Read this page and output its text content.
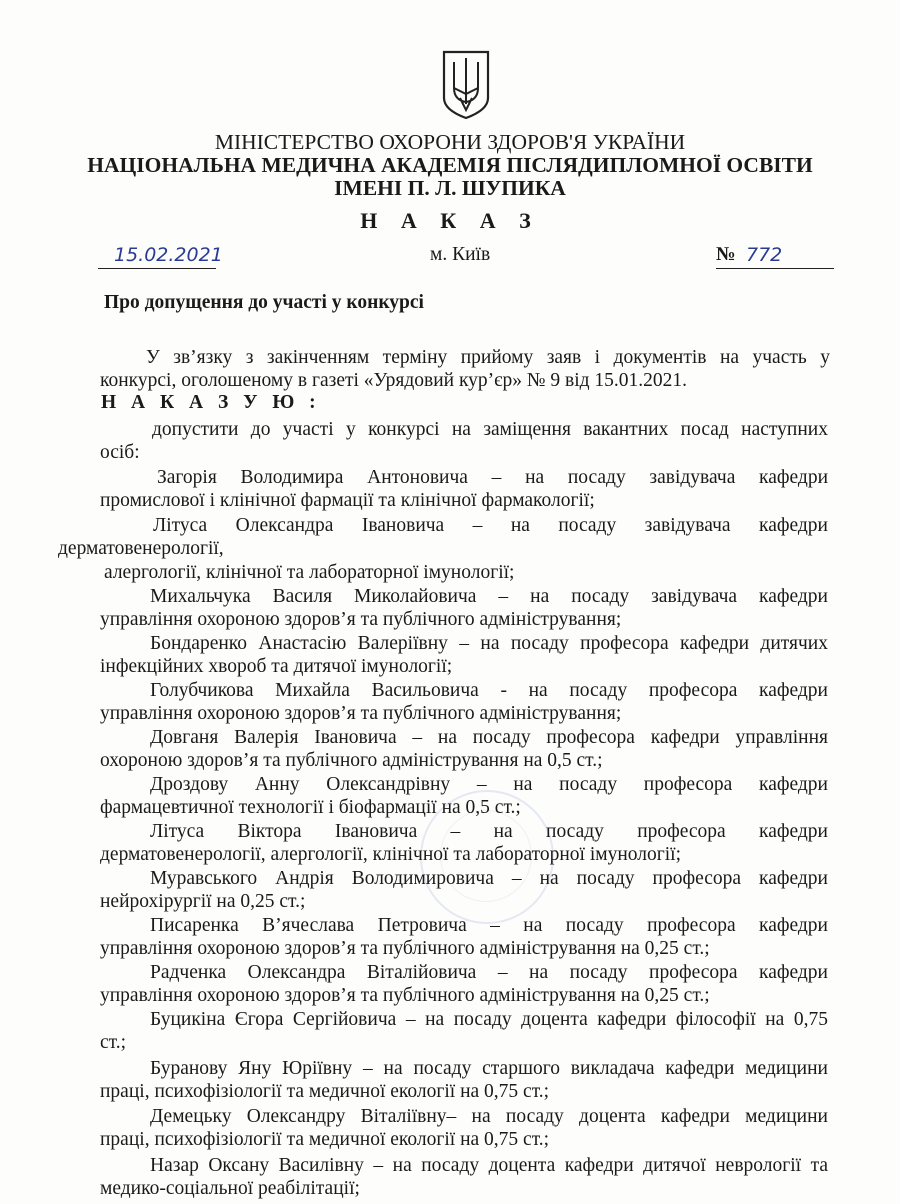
МІНІСТЕРСТВО ОХОРОНИ ЗДОРОВ'Я УКРАЇНИ
НАЦІОНАЛЬНА МЕДИЧНА АКАДЕМІЯ ПІСЛЯДИПЛОМНОЇ ОСВІТИ
ІМЕНІ П. Л. ШУПИКА
Н А К А З
15.02.2021	м. Київ	№ 772
Про допущення до участі у конкурсі
У зв’язку з закінченням терміну прийому заяв і документів на участь у
конкурсі, оголошеному в газеті «Урядовий кур’єр» № 9 від 15.01.2021.
Н А К А З У Ю :
допустити до участі у конкурсі на заміщення вакантних посад наступних
осіб:
Загорія Володимира Антоновича – на посаду завідувача кафедри
промислової і клінічної фармації та клінічної фармакології;
Літуса Олександра Івановича – на посаду завідувача кафедри
дерматовенерології,
алергології, клінічної та лабораторної імунології;
Михальчука Василя Миколайовича – на посаду завідувача кафедри
управління охороною здоров’я та публічного адміністрування;
Бондаренко Анастасію Валеріївну – на посаду професора кафедри дитячих
інфекційних хвороб та дитячої імунології;
Голубчикова Михайла Васильовича - на посаду професора кафедри
управління охороною здоров’я та публічного адміністрування;
Довганя Валерія Івановича – на посаду професора кафедри управління
охороною здоров’я та публічного адміністрування на 0,5 ст.;
Дроздову Анну Олександрівну – на посаду професора кафедри
фармацевтичної технології і біофармації на 0,5 ст.;
Літуса Віктора Івановича – на посаду професора кафедри
дерматовенерології, алергології, клінічної та лабораторної імунології;
Муравського Андрія Володимировича – на посаду професора кафедри
нейрохірургії на 0,25 ст.;
Писаренка В’ячеслава Петровича – на посаду професора кафедри
управління охороною здоров’я та публічного адміністрування на 0,25 ст.;
Радченка Олександра Віталійовича – на посаду професора кафедри
управління охороною здоров’я та публічного адміністрування на 0,25 ст.;
Буцикіна Єгора Сергійовича – на посаду доцента кафедри філософії на 0,75
ст.;
Буранову Яну Юріївну – на посаду старшого викладача кафедри медицини
праці, психофізіології та медичної екології на 0,75 ст.;
Демецьку Олександру Віталіївну– на посаду доцента кафедри медицини
праці, психофізіології та медичної екології на 0,75 ст.;
Назар Оксану Василівну – на посаду доцента кафедри дитячої неврології та
медико-соціальної реабілітації;
